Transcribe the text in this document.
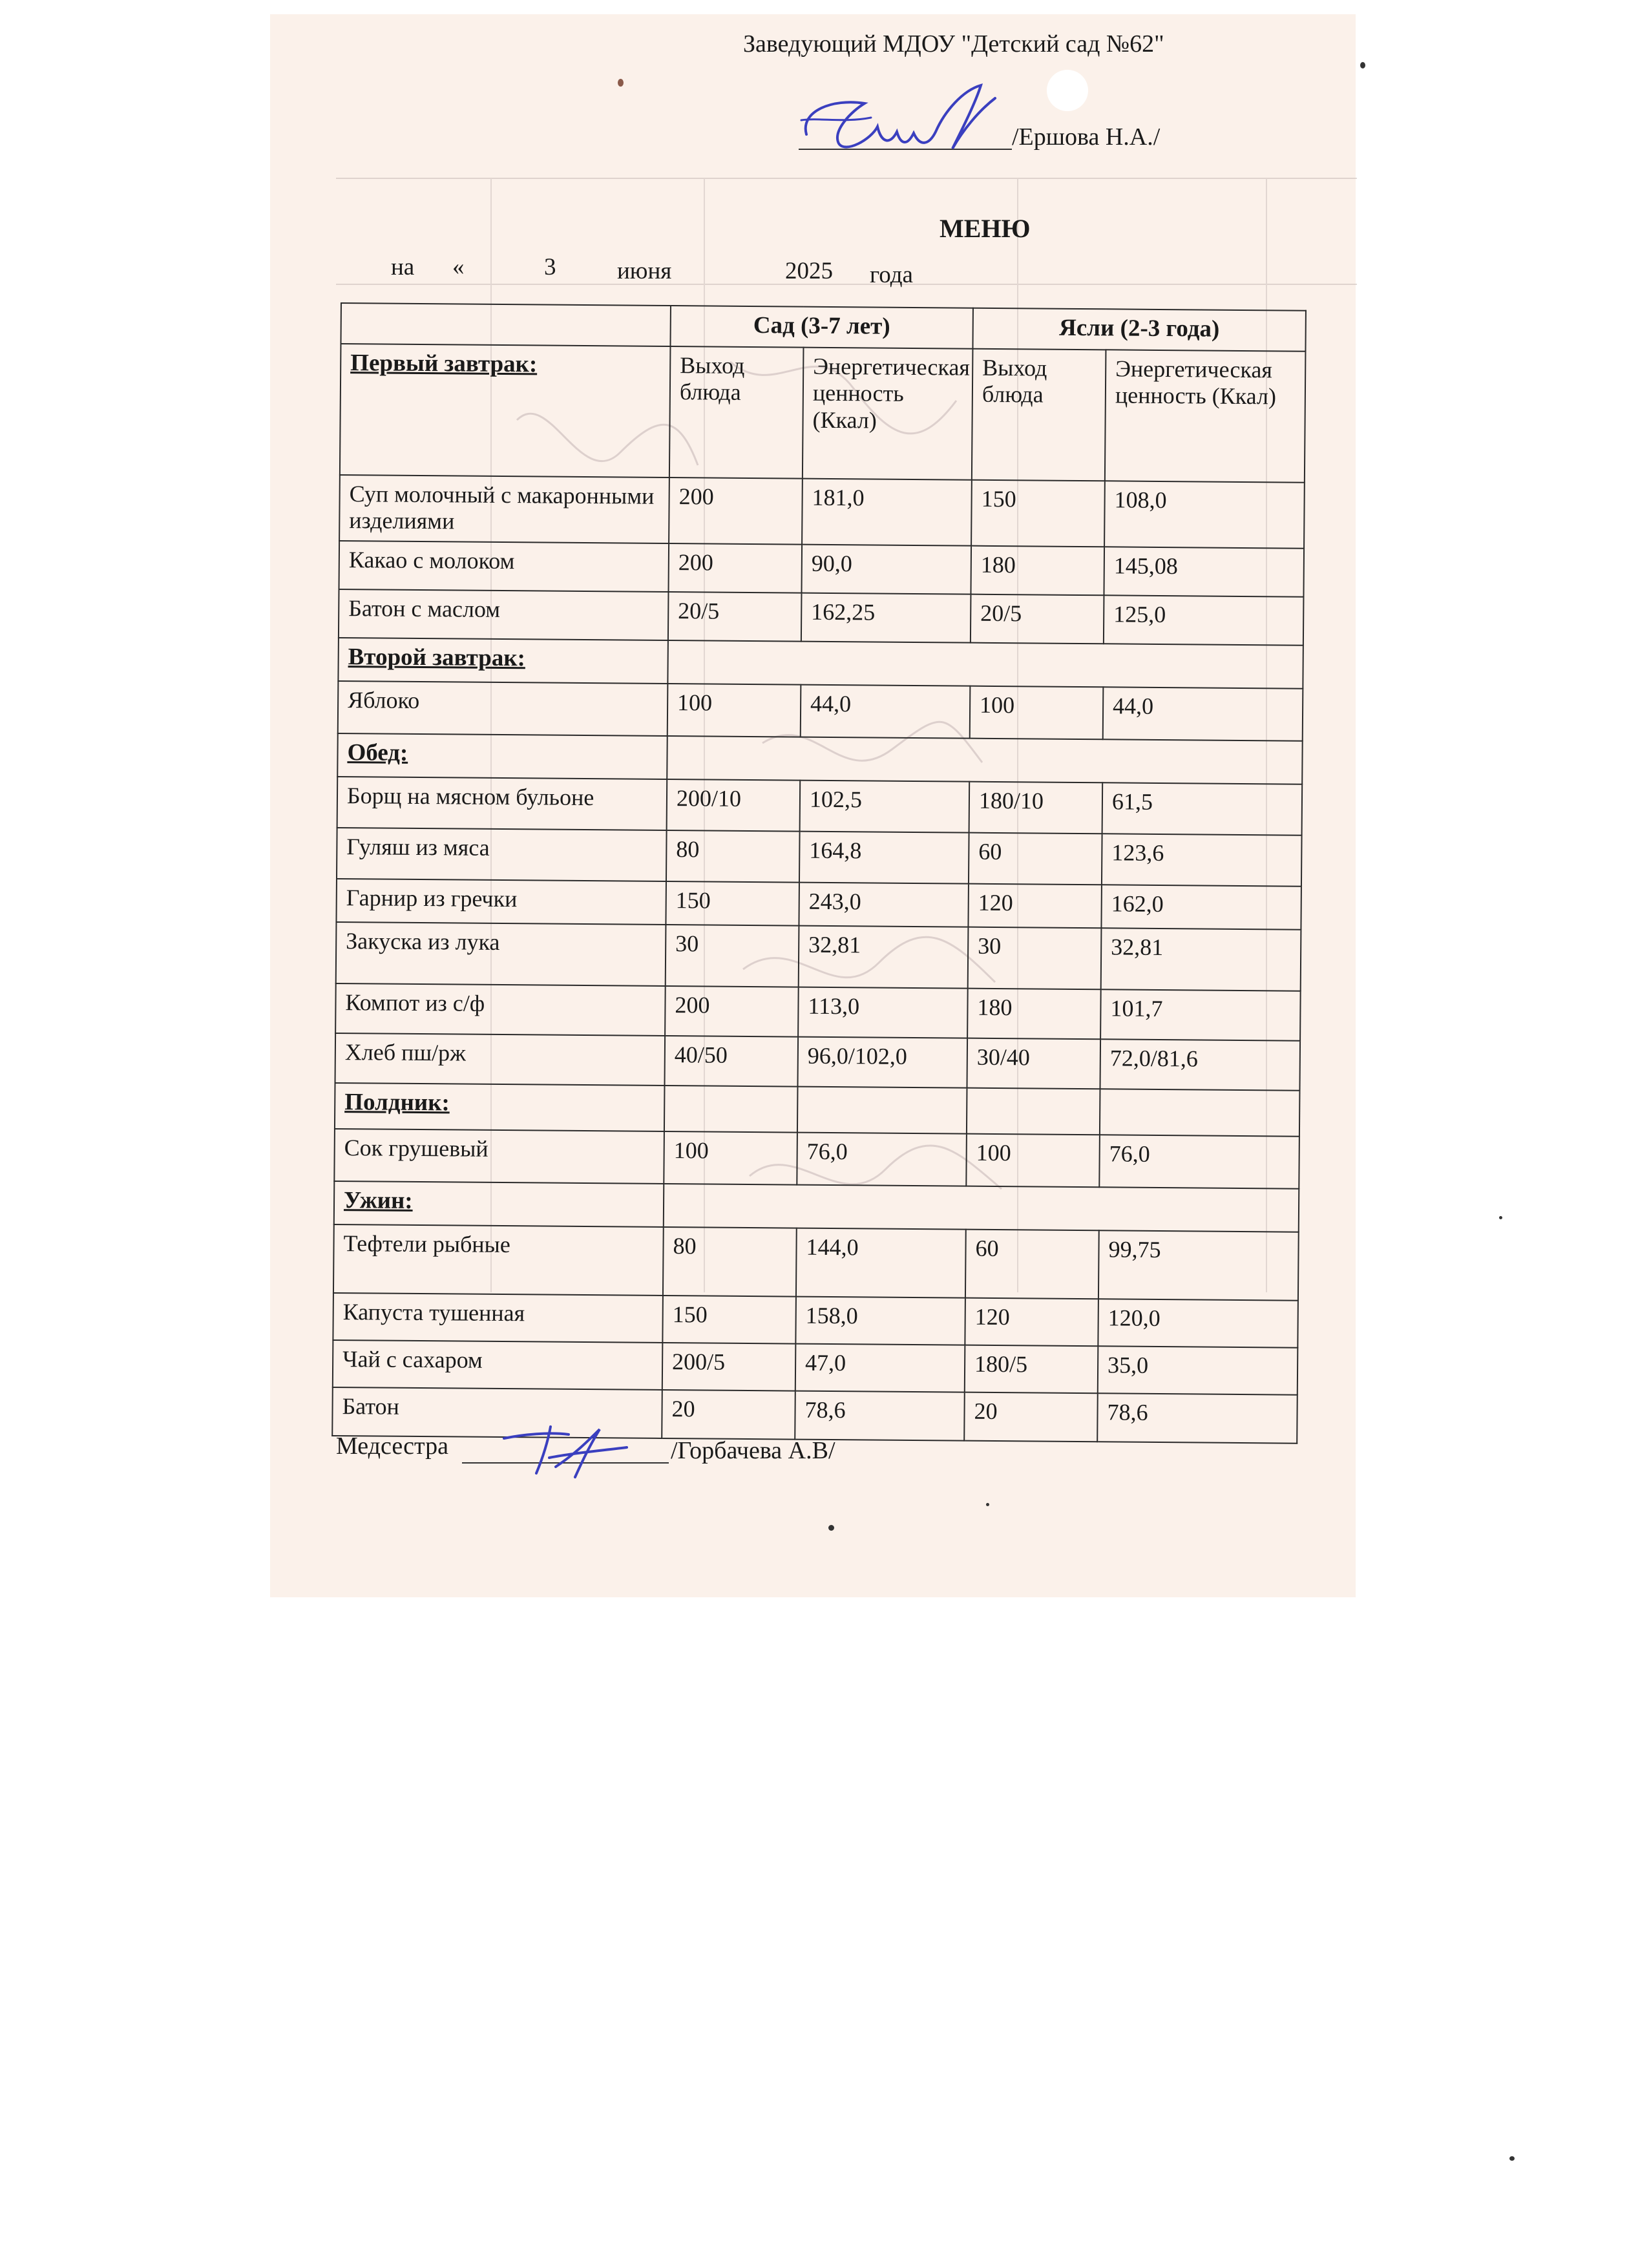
Заведующий МДОУ "Детский сад №62"
/Ершова Н.А./
МЕНЮ
на «	3	июня	2025 года
	Сад (3-7 лет)		Ясли (2-3 года)	
Первый завтрак:	Выход блюда	Энергетическая ценность (Ккал)	Выход блюда	Энергетическая ценность (Ккал)
Суп молочный с макаронными изделиями	200	181,0	150	108,0
Какао с молоком	200	90,0	180	145,08
Батон с маслом	20/5	162,25	20/5	125,0
Второй завтрак:				
Яблоко	100	44,0	100	44,0
Обед:				
Борщ на мясном бульоне	200/10	102,5	180/10	61,5
Гуляш из мяса	80	164,8	60	123,6
Гарнир из гречки	150	243,0	120	162,0
Закуска из лука	30	32,81	30	32,81
Компот из с/ф	200	113,0	180	101,7
Хлеб пш/рж	40/50	96,0/102,0	30/40	72,0/81,6
Полдник:				
Сок грушевый	100	76,0	100	76,0
Ужин:				
Тефтели рыбные	80	144,0	60	99,75
Капуста тушенная	150	158,0	120	120,0
Чай с сахаром	200/5	47,0	180/5	35,0
Батон	20	78,6	20	78,6
Медсестра	/Горбачева А.В/
